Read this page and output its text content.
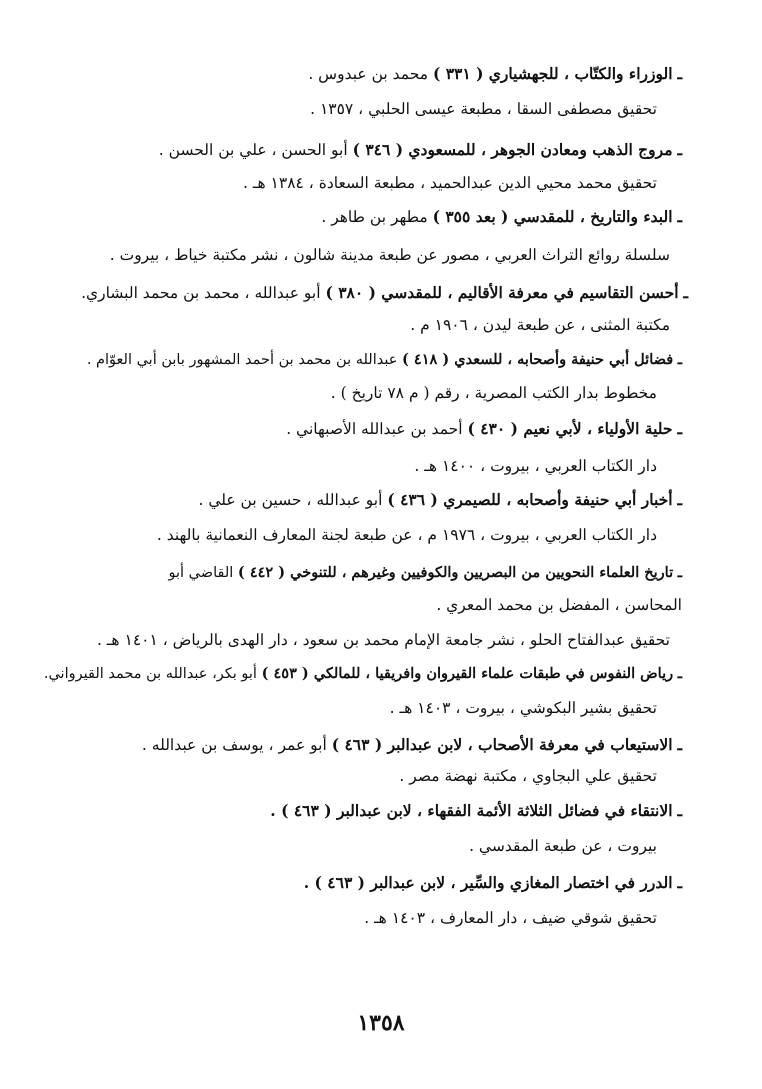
ـ الوزراء والكتّاب ، للجهشياري ( ٣٣١ ) محمد بن عبدوس .
تحقيق مصطفى السقا ، مطبعة عيسى الحلبي ، ١٣٥٧ .
ـ مروج الذهب ومعادن الجوهر ، للمسعودي ( ٣٤٦ ) أبو الحسن ، علي بن الحسن .
تحقيق محمد محيي الدين عبدالحميد ، مطبعة السعادة ، ١٣٨٤ هـ .
ـ البدء والتاريخ ، للمقدسي ( بعد ٣٥٥ ) مطهر بن طاهر .
سلسلة روائع التراث العربي ، مصور عن طبعة مدينة شالون ، نشر مكتبة خياط ، بيروت .
ـ أحسن التقاسيم في معرفة الأقاليم ، للمقدسي ( ٣٨٠ ) أبو عبدالله ، محمد بن محمد البشاري.
مكتبة المثنى ، عن طبعة ليدن ، ١٩٠٦ م .
ـ فضائل أبي حنيفة وأصحابه ، للسعدي ( ٤١٨ ) عبدالله بن محمد بن أحمد المشهور بابن أبي العوّام .
مخطوط بدار الكتب المصرية ، رقم ( م ٧٨ تاريخ ) .
ـ حلية الأولياء ، لأبي نعيم ( ٤٣٠ ) أحمد بن عبدالله الأصبهاني .
دار الكتاب العربي ، بيروت ، ١٤٠٠ هـ .
ـ أخبار أبي حنيفة وأصحابه ، للصيمري ( ٤٣٦ ) أبو عبدالله ، حسين بن علي .
دار الكتاب العربي ، بيروت ، ١٩٧٦ م ، عن طبعة لجنة المعارف النعمانية بالهند .
ـ تاريخ العلماء النحويين من البصريين والكوفيين وغيرهم ، للتنوخي ( ٤٤٢ ) القاضي أبو
المحاسن ، المفضل بن محمد المعري .
تحقيق عبدالفتاح الحلو ، نشر جامعة الإمام محمد بن سعود ، دار الهدى بالرياض ، ١٤٠١ هـ .
ـ رياض النفوس في طبقات علماء القيروان وافريقيا ، للمالكي ( ٤٥٣ ) أبو بكر، عبدالله بن محمد القيرواني.
تحقيق بشير البكوشي ، بيروت ، ١٤٠٣ هـ .
ـ الاستيعاب في معرفة الأصحاب ، لابن عبدالبر ( ٤٦٣ ) أبو عمر ، يوسف بن عبدالله .
تحقيق علي البجاوي ، مكتبة نهضة مصر .
ـ الانتقاء في فضائل الثلاثة الأئمة الفقهاء ، لابن عبدالبر ( ٤٦٣ ) .
بيروت ، عن طبعة المقدسي .
ـ الدرر في اختصار المغازي والسِّير ، لابن عبدالبر ( ٤٦٣ ) .
تحقيق شوقي ضيف ، دار المعارف ، ١٤٠٣ هـ .
١٣٥٨
